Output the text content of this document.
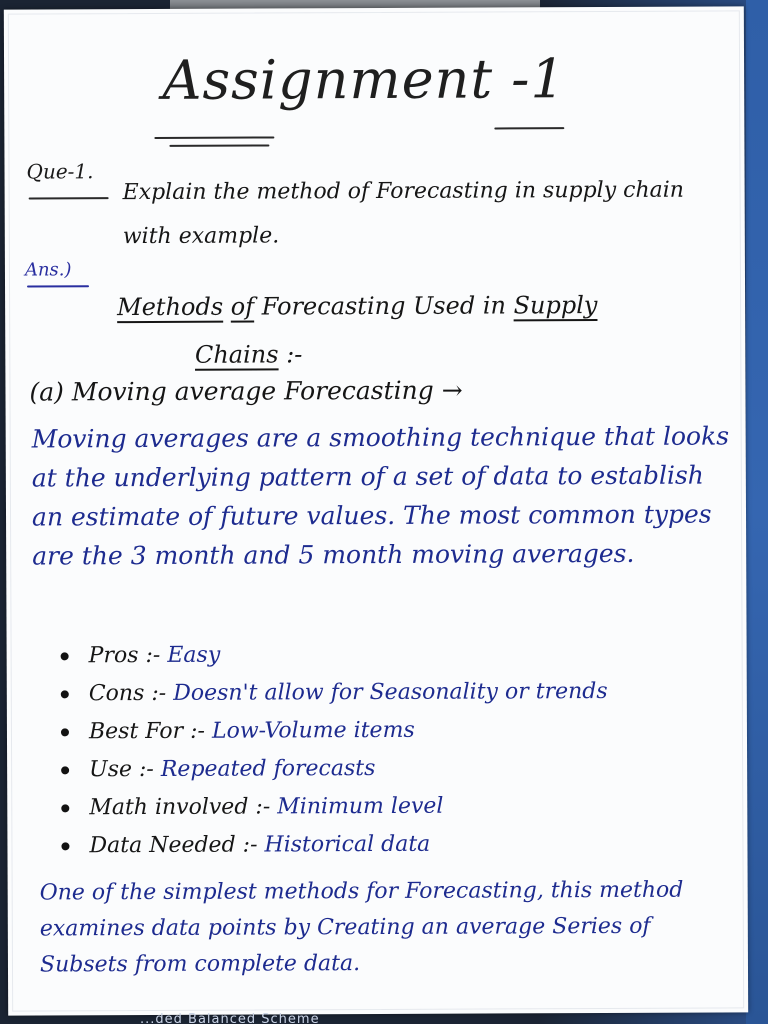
Assignment -1
Que-1.
Explain the method of Forecasting in supply chain with example.
Ans.)
Methods of Forecasting Used in Supply
Chains :-
(a) Moving average Forecasting →
Moving averages are a smoothing technique that looks at the underlying pattern of a set of data to establish an estimate of future values. The most common types are the 3 month and 5 month moving averages.
Pros :- Easy
Cons :- Doesn't allow for Seasonality or trends
Best For :- Low-Volume items
Use :- Repeated forecasts
Math involved :- Minimum level
Data Needed :- Historical data
One of the simplest methods for Forecasting, this method examines data points by Creating an average Series of Subsets from complete data.
...ded Balanced Scheme
